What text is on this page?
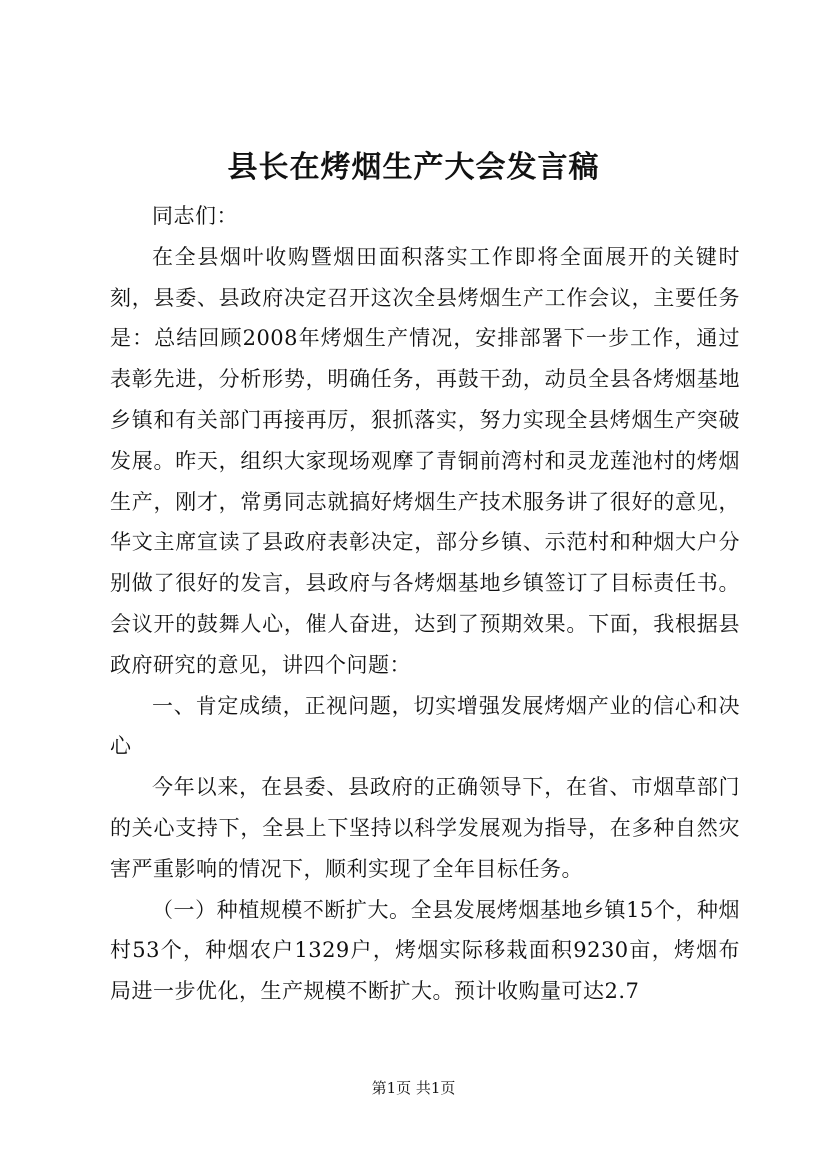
县长在烤烟生产大会发言稿

同志们：

在全县烟叶收购暨烟田面积落实工作即将全面展开的关键时刻，县委、县政府决定召开这次全县烤烟生产工作会议，主要任务是：总结回顾2008年烤烟生产情况，安排部署下一步工作，通过表彰先进，分析形势，明确任务，再鼓干劲，动员全县各烤烟基地乡镇和有关部门再接再厉，狠抓落实，努力实现全县烤烟生产突破发展。昨天，组织大家现场观摩了青铜前湾村和灵龙莲池村的烤烟生产，刚才，常勇同志就搞好烤烟生产技术服务讲了很好的意见，华文主席宣读了县政府表彰决定，部分乡镇、示范村和种烟大户分别做了很好的发言，县政府与各烤烟基地乡镇签订了目标责任书。会议开的鼓舞人心，催人奋进，达到了预期效果。下面，我根据县政府研究的意见，讲四个问题：

一、肯定成绩，正视问题，切实增强发展烤烟产业的信心和决心

今年以来，在县委、县政府的正确领导下，在省、市烟草部门的关心支持下，全县上下坚持以科学发展观为指导，在多种自然灾害严重影响的情况下，顺利实现了全年目标任务。

（一）种植规模不断扩大。全县发展烤烟基地乡镇15个，种烟村53个，种烟农户1329户，烤烟实际移栽面积9230亩，烤烟布局进一步优化，生产规模不断扩大。预计收购量可达2.7

第1页 共1页
